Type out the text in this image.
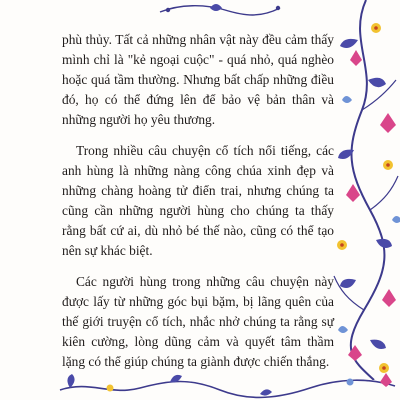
phù thủy. Tất cả những nhân vật này đều cảm thấy mình chỉ là "kẻ ngoại cuộc" - quá nhỏ, quá nghèo hoặc quá tầm thường. Nhưng bất chấp những điều đó, họ có thể đứng lên để bảo vệ bản thân và những người họ yêu thương.

Trong nhiều câu chuyện cổ tích nổi tiếng, các anh hùng là những nàng công chúa xinh đẹp và những chàng hoàng tử điển trai, nhưng chúng ta cũng cần những người hùng cho chúng ta thấy rằng bất cứ ai, dù nhỏ bé thế nào, cũng có thể tạo nên sự khác biệt.

Các người hùng trong những câu chuyện này được lấy từ những góc bụi bặm, bị lãng quên của thế giới truyện cổ tích, nhắc nhở chúng ta rằng sự kiên cường, lòng dũng cảm và quyết tâm thầm lặng có thể giúp chúng ta giành được chiến thắng.
